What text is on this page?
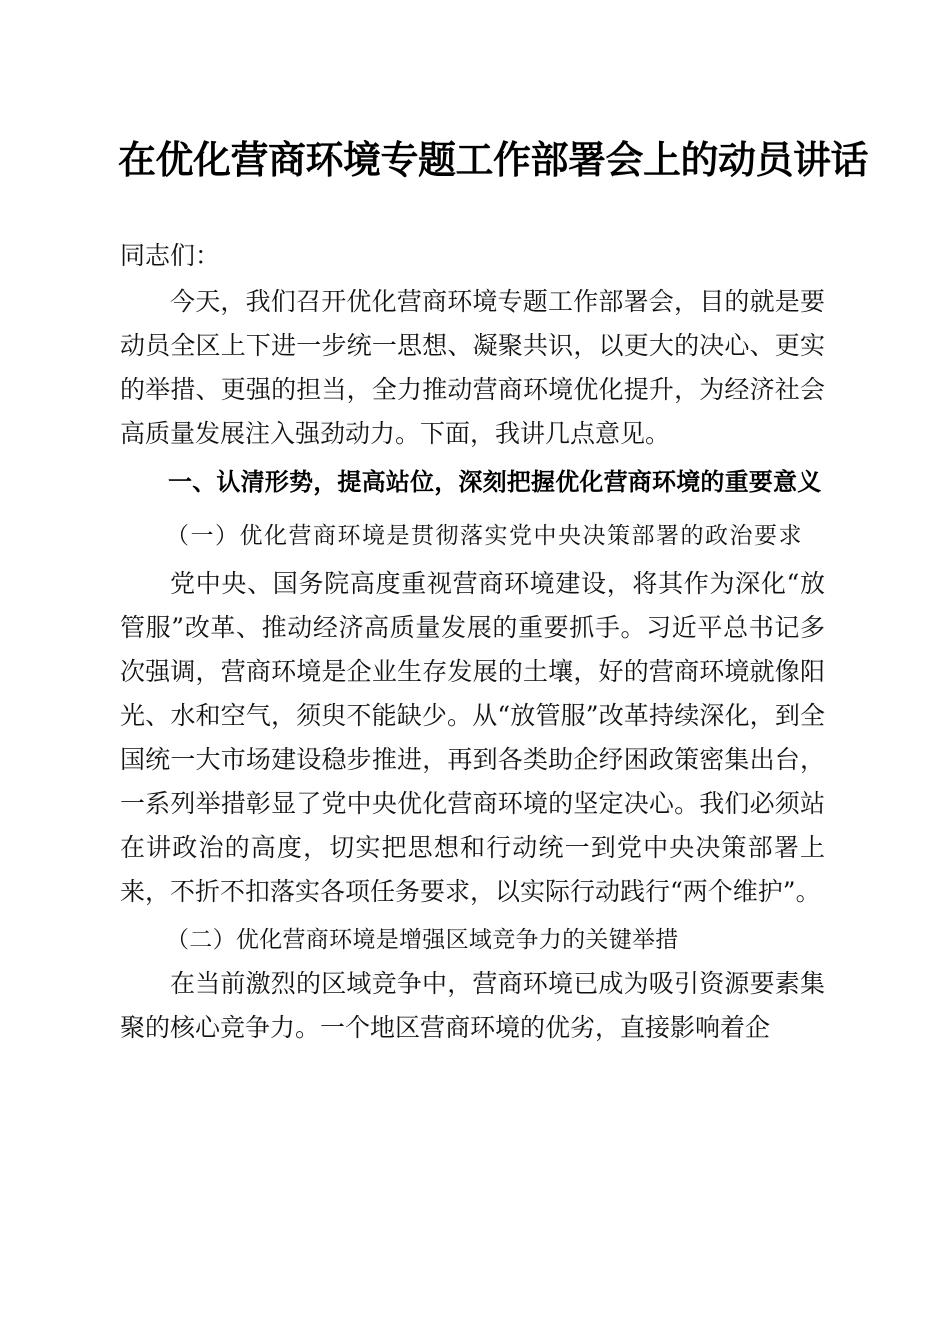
在优化营商环境专题工作部署会上的动员讲话

同志们：

今天，我们召开优化营商环境专题工作部署会，目的就是要动员全区上下进一步统一思想、凝聚共识，以更大的决心、更实的举措、更强的担当，全力推动营商环境优化提升，为经济社会高质量发展注入强劲动力。下面，我讲几点意见。

一、认清形势，提高站位，深刻把握优化营商环境的重要意义

（一）优化营商环境是贯彻落实党中央决策部署的政治要求

党中央、国务院高度重视营商环境建设，将其作为深化“放管服”改革、推动经济高质量发展的重要抓手。习近平总书记多次强调，营商环境是企业生存发展的土壤，好的营商环境就像阳光、水和空气，须臾不能缺少。从“放管服”改革持续深化，到全国统一大市场建设稳步推进，再到各类助企纾困政策密集出台，一系列举措彰显了党中央优化营商环境的坚定决心。我们必须站在讲政治的高度，切实把思想和行动统一到党中央决策部署上来，不折不扣落实各项任务要求，以实际行动践行“两个维护”。

（二）优化营商环境是增强区域竞争力的关键举措

在当前激烈的区域竞争中，营商环境已成为吸引资源要素集聚的核心竞争力。一个地区营商环境的优劣，直接影响着企
